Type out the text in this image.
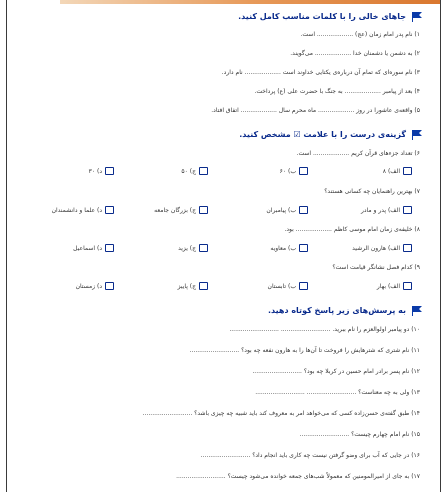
جاهای خالی را با کلمات مناسب کامل کنید.
۱) نام پدر امام زمان (عج) ................... است.
۲) به دشمن یا دشمنان خدا ................... می‌گویند.
۳) نام سوره‌ای که تمام آن درباره‌ی یکتایی خداوند است ................... نام دارد.
۴) بعد از پیامبر ................... به جنگ با حضرت علی (ع) پرداخت.
۵) واقعه‌ی عاشورا در روز ................... ماه محرم سال ................... اتفاق افتاد.
گزینه‌ی درست را با علامت ☑ مشخص کنید.
۶) تعداد جزءهای قرآن کریم ................... است.
الف) ۸
ب) ۶۰
ج) ۵۰
د) ۳۰
۷) بهترین راهنمایان چه کسانی هستند؟
الف) پدر و مادر
ب) پیامبران
ج) بزرگان جامعه
د) علما و دانشمندان
۸) خلیفه‌ی زمان امام موسی کاظم ................... بود.
الف) هارون الرشید
ب) معاویه
ج) یزید
د) اسماعیل
۹) کدام فصل نشانگر قیامت است؟
الف) بهار
ب) تابستان
ج) پاییز
د) زمستان
به پرسش‌های زیر پاسخ کوتاه دهید.
۱۰) دو پیامبر اولوالعزم را نام ببرید. .......................... ..........................
۱۱) نام شتری که شترهایش را فروخت تا آن‌ها را به هارون نفعه چه بود؟ ..........................
۱۲) نام پسر برادر امام حسین در کربلا چه بود؟ ..........................
۱۳) ولی به چه معناست؟ .......................... ..........................
۱۴) طبق گفته‌ی حسن‌زاده کسی که می‌خواهد امر به معروف کند باید شبیه چه چیزی باشد؟ ..........................
۱۵) نام امام چهارم چیست؟ ..........................
۱۶) در جایی که آب برای وضو گرفتن نیست چه کاری باید انجام داد؟ ..........................
۱۷) به جای از امیرالمومنین که معمولاً شب‌های جمعه خوانده می‌شود چیست؟ ..........................
